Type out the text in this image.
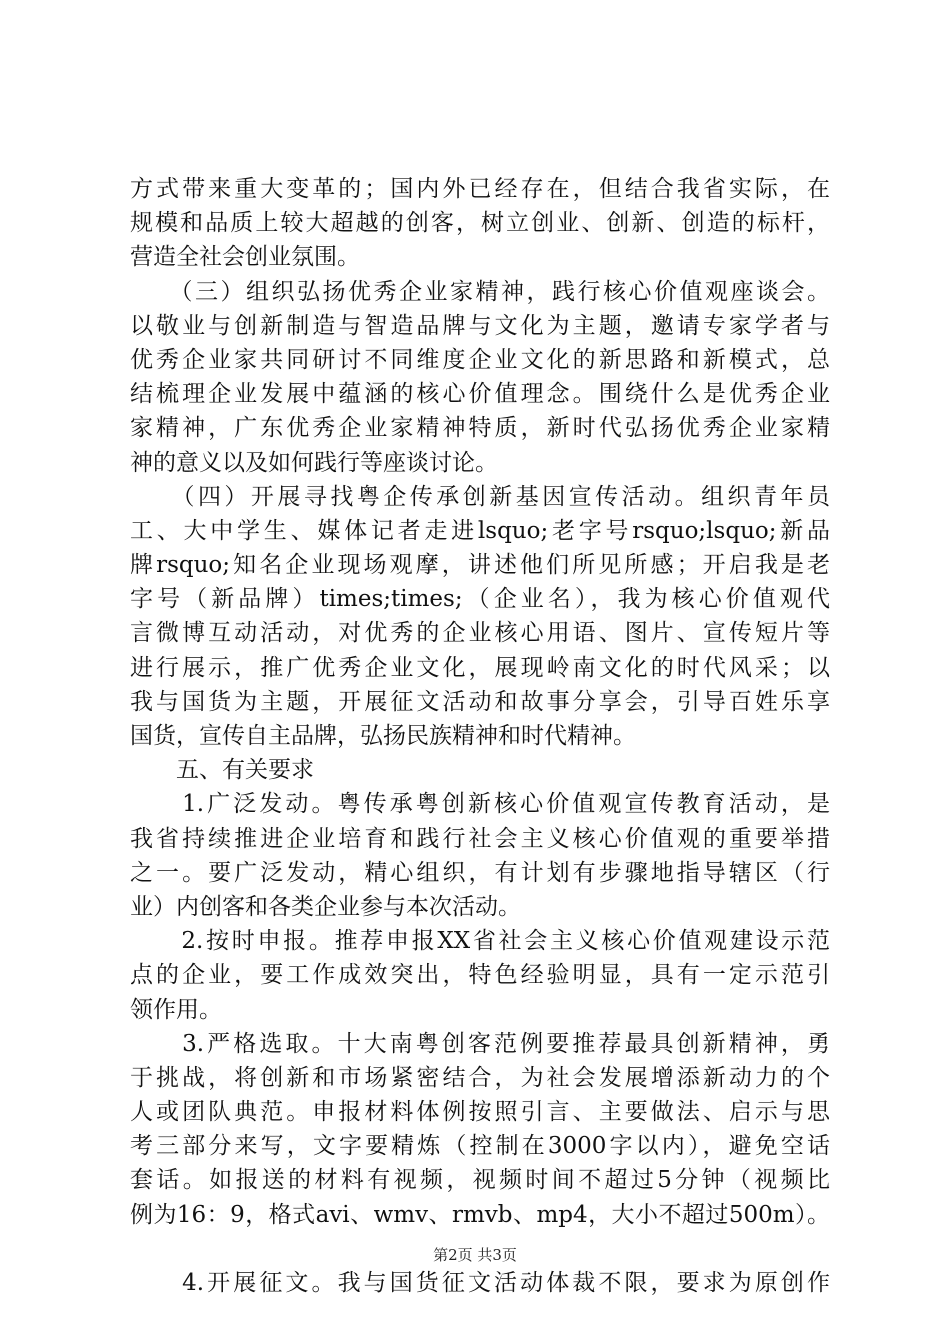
方式带来重大变革的；国内外已经存在，但结合我省实际，在
规模和品质上较大超越的创客，树立创业、创新、创造的标杆，
营造全社会创业氛围。
　　（三）组织弘扬优秀企业家精神，践行核心价值观座谈会。
以敬业与创新制造与智造品牌与文化为主题，邀请专家学者与
优秀企业家共同研讨不同维度企业文化的新思路和新模式，总
结梳理企业发展中蕴涵的核心价值理念。围绕什么是优秀企业
家精神，广东优秀企业家精神特质，新时代弘扬优秀企业家精
神的意义以及如何践行等座谈讨论。
　　（四）开展寻找粤企传承创新基因宣传活动。组织青年员
工、大中学生、媒体记者走进lsquo;老字号rsquo;lsquo;新品
牌rsquo;知名企业现场观摩，讲述他们所见所感；开启我是老
字号（新品牌）times;times;（企业名），我为核心价值观代
言微博互动活动，对优秀的企业核心用语、图片、宣传短片等
进行展示，推广优秀企业文化，展现岭南文化的时代风采；以
我与国货为主题，开展征文活动和故事分享会，引导百姓乐享
国货，宣传自主品牌，弘扬民族精神和时代精神。
　　五、有关要求
　　1.广泛发动。粤传承粤创新核心价值观宣传教育活动，是
我省持续推进企业培育和践行社会主义核心价值观的重要举措
之一。要广泛发动，精心组织，有计划有步骤地指导辖区（行
业）内创客和各类企业参与本次活动。
　　2.按时申报。推荐申报XX省社会主义核心价值观建设示范
点的企业，要工作成效突出，特色经验明显，具有一定示范引
领作用。
　　3.严格选取。十大南粤创客范例要推荐最具创新精神，勇
于挑战，将创新和市场紧密结合，为社会发展增添新动力的个
人或团队典范。申报材料体例按照引言、主要做法、启示与思
考三部分来写，文字要精炼（控制在3000字以内），避免空话
套话。如报送的材料有视频，视频时间不超过5分钟（视频比
例为16：9，格式avi、wmv、rmvb、mp4，大小不超过500m）。
　　4.开展征文。我与国货征文活动体裁不限，要求为原创作
第2页 共3页
